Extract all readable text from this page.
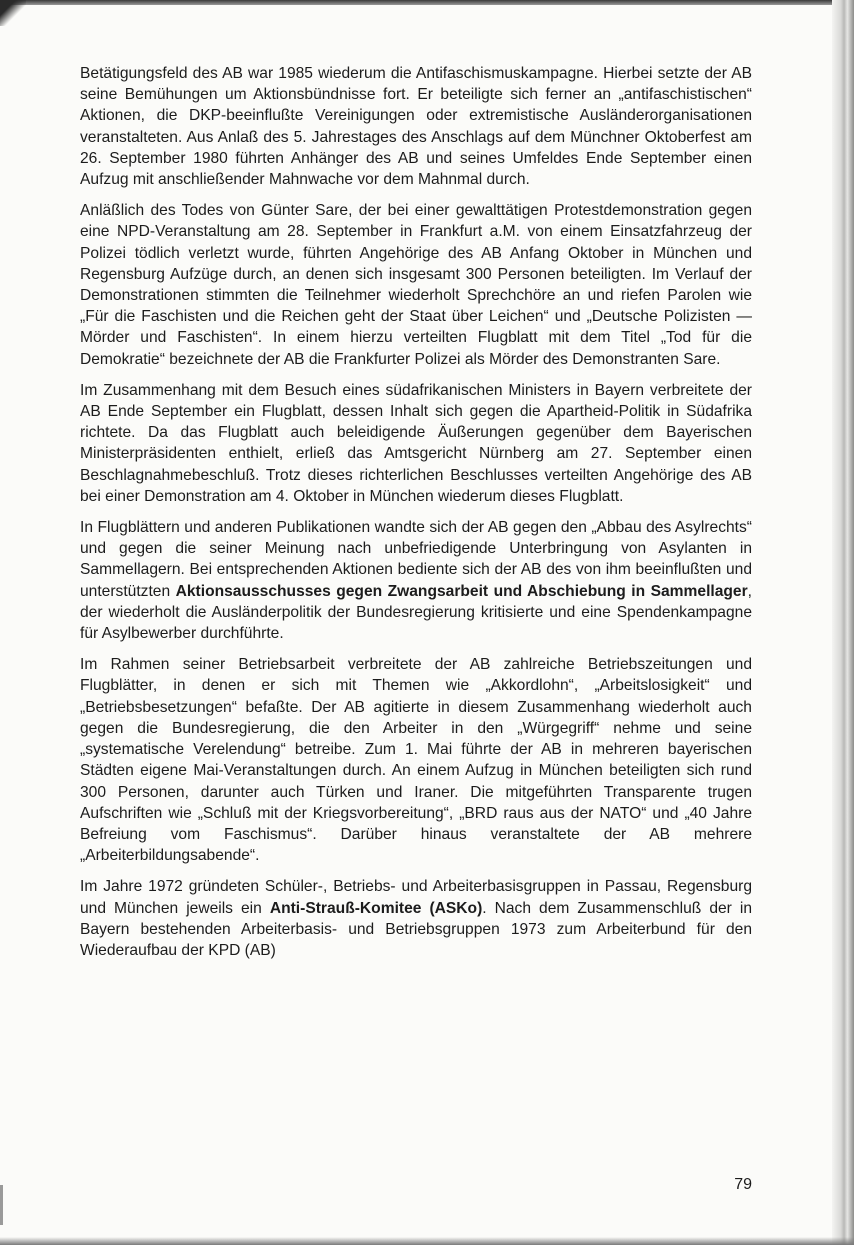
Betätigungsfeld des AB war 1985 wiederum die Antifaschismuskampagne. Hierbei setzte der AB seine Bemühungen um Aktionsbündnisse fort. Er beteiligte sich ferner an „antifaschistischen“ Aktionen, die DKP-beeinflußte Vereinigungen oder extremistische Ausländerorganisationen veranstalteten. Aus Anlaß des 5. Jahrestages des Anschlags auf dem Münchner Oktoberfest am 26. September 1980 führten Anhänger des AB und seines Umfeldes Ende September einen Aufzug mit anschließender Mahnwache vor dem Mahnmal durch.

Anläßlich des Todes von Günter Sare, der bei einer gewalttätigen Protestdemonstration gegen eine NPD-Veranstaltung am 28. September in Frankfurt a.M. von einem Einsatzfahrzeug der Polizei tödlich verletzt wurde, führten Angehörige des AB Anfang Oktober in München und Regensburg Aufzüge durch, an denen sich insgesamt 300 Personen beteiligten. Im Verlauf der Demonstrationen stimmten die Teilnehmer wiederholt Sprechchöre an und riefen Parolen wie „Für die Faschisten und die Reichen geht der Staat über Leichen“ und „Deutsche Polizisten — Mörder und Faschisten“. In einem hierzu verteilten Flugblatt mit dem Titel „Tod für die Demokratie“ bezeichnete der AB die Frankfurter Polizei als Mörder des Demonstranten Sare.

Im Zusammenhang mit dem Besuch eines südafrikanischen Ministers in Bayern verbreitete der AB Ende September ein Flugblatt, dessen Inhalt sich gegen die Apartheid-Politik in Südafrika richtete. Da das Flugblatt auch beleidigende Äußerungen gegenüber dem Bayerischen Ministerpräsidenten enthielt, erließ das Amtsgericht Nürnberg am 27. September einen Beschlagnahmebeschluß. Trotz dieses richterlichen Beschlusses verteilten Angehörige des AB bei einer Demonstration am 4. Oktober in München wiederum dieses Flugblatt.

In Flugblättern und anderen Publikationen wandte sich der AB gegen den „Abbau des Asylrechts“ und gegen die seiner Meinung nach unbefriedigende Unterbringung von Asylanten in Sammellagern. Bei entsprechenden Aktionen bediente sich der AB des von ihm beeinflußten und unterstützten Aktionsausschusses gegen Zwangsarbeit und Abschiebung in Sammellager, der wiederholt die Ausländerpolitik der Bundesregierung kritisierte und eine Spendenkampagne für Asylbewerber durchführte.

Im Rahmen seiner Betriebsarbeit verbreitete der AB zahlreiche Betriebszeitungen und Flugblätter, in denen er sich mit Themen wie „Akkordlohn“, „Arbeitslosigkeit“ und „Betriebsbesetzungen“ befaßte. Der AB agitierte in diesem Zusammenhang wiederholt auch gegen die Bundesregierung, die den Arbeiter in den „Würgegriff“ nehme und seine „systematische Verelendung“ betreibe. Zum 1. Mai führte der AB in mehreren bayerischen Städten eigene Mai-Veranstaltungen durch. An einem Aufzug in München beteiligten sich rund 300 Personen, darunter auch Türken und Iraner. Die mitgeführten Transparente trugen Aufschriften wie „Schluß mit der Kriegsvorbereitung“, „BRD raus aus der NATO“ und „40 Jahre Befreiung vom Faschismus“. Darüber hinaus veranstaltete der AB mehrere „Arbeiterbildungsabende“.

Im Jahre 1972 gründeten Schüler-, Betriebs- und Arbeiterbasisgruppen in Passau, Regensburg und München jeweils ein Anti-Strauß-Komitee (ASKo). Nach dem Zusammenschluß der in Bayern bestehenden Arbeiterbasis- und Betriebsgruppen 1973 zum Arbeiterbund für den Wiederaufbau der KPD (AB)

79
